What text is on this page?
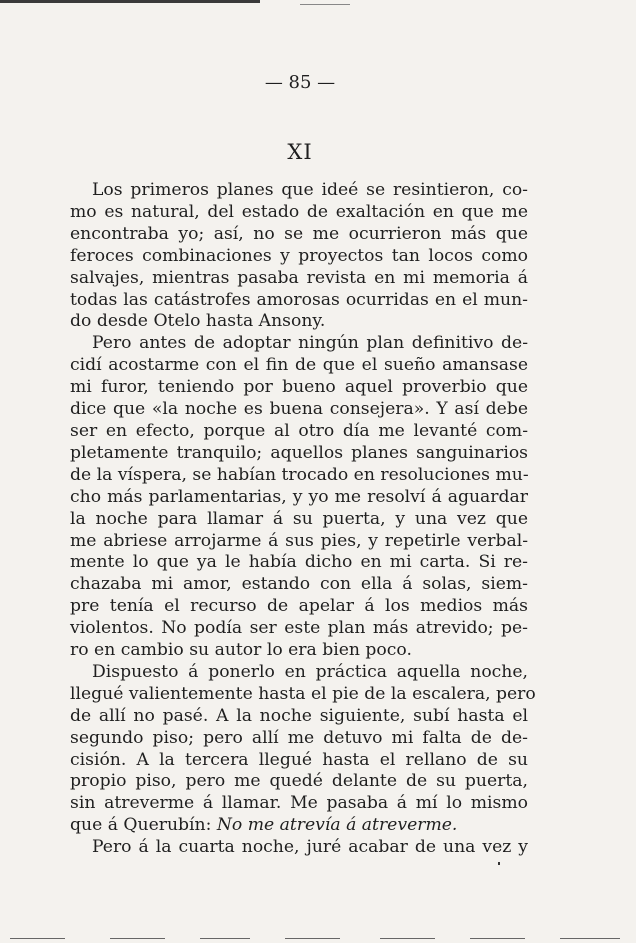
— 85 —
XI
Los primeros planes que ideé se resintieron, co-
mo es natural, del estado de exaltación en que me
encontraba yo; así, no se me ocurrieron más que
feroces combinaciones y proyectos tan locos como
salvajes, mientras pasaba revista en mi memoria á
todas las catástrofes amorosas ocurridas en el mun-
do desde Otelo hasta Ansony.
Pero antes de adoptar ningún plan definitivo de-
cidí acostarme con el fin de que el sueño amansase
mi furor, teniendo por bueno aquel proverbio que
dice que «la noche es buena consejera». Y así debe
ser en efecto, porque al otro día me levanté com-
pletamente tranquilo; aquellos planes sanguinarios
de la víspera, se habían trocado en resoluciones mu-
cho más parlamentarias, y yo me resolví á aguardar
la noche para llamar á su puerta, y una vez que
me abriese arrojarme á sus pies, y repetirle verbal-
mente lo que ya le había dicho en mi carta. Si re-
chazaba mi amor, estando con ella á solas, siem-
pre tenía el recurso de apelar á los medios más
violentos. No podía ser este plan más atrevido; pe-
ro en cambio su autor lo era bien poco.
Dispuesto á ponerlo en práctica aquella noche,
llegué valientemente hasta el pie de la escalera, pero
de allí no pasé. A la noche siguiente, subí hasta el
segundo piso; pero allí me detuvo mi falta de de-
cisión. A la tercera llegué hasta el rellano de su
propio piso, pero me quedé delante de su puerta,
sin atreverme á llamar. Me pasaba á mí lo mismo
que á Querubín: No me atrevía á atreverme.
Pero á la cuarta noche, juré acabar de una vez y
